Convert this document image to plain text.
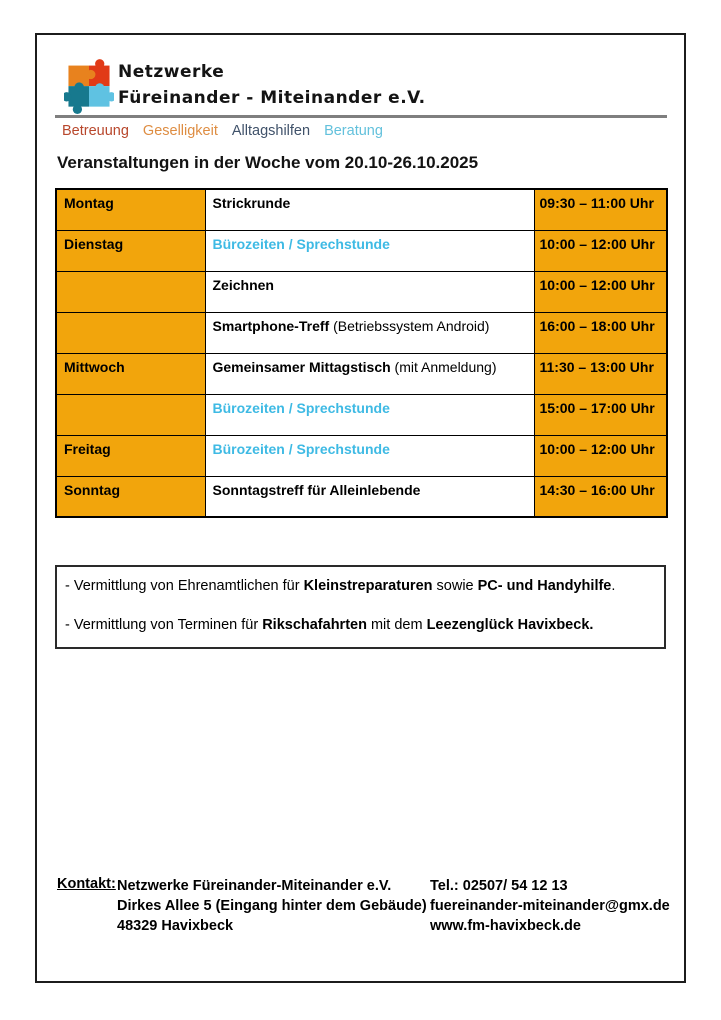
Netzwerke
Füreinander - Miteinander e.V.
Betreuung Geselligkeit Alltagshilfen Beratung
Veranstaltungen in der Woche vom 20.10-26.10.2025
Montag	Strickrunde	09:30 – 11:00 Uhr
Dienstag	Bürozeiten / Sprechstunde	10:00 – 12:00 Uhr
	Zeichnen	10:00 – 12:00 Uhr
	Smartphone-Treff (Betriebssystem Android)	16:00 – 18:00 Uhr
Mittwoch	Gemeinsamer Mittagstisch (mit Anmeldung)	11:30 – 13:00 Uhr
	Bürozeiten / Sprechstunde	15:00 – 17:00 Uhr
Freitag	Bürozeiten / Sprechstunde	10:00 – 12:00 Uhr
Sonntag	Sonntagstreff für Alleinlebende	14:30 – 16:00 Uhr
- Vermittlung von Ehrenamtlichen für Kleinstreparaturen sowie PC- und Handyhilfe.
- Vermittlung von Terminen für Rikschafahrten mit dem Leezenglück Havixbeck.
Kontakt: Netzwerke Füreinander-Miteinander e.V.
Dirkes Allee 5 (Eingang hinter dem Gebäude)
48329 Havixbeck
Tel.: 02507/ 54 12 13
fuereinander-miteinander@gmx.de
www.fm-havixbeck.de
